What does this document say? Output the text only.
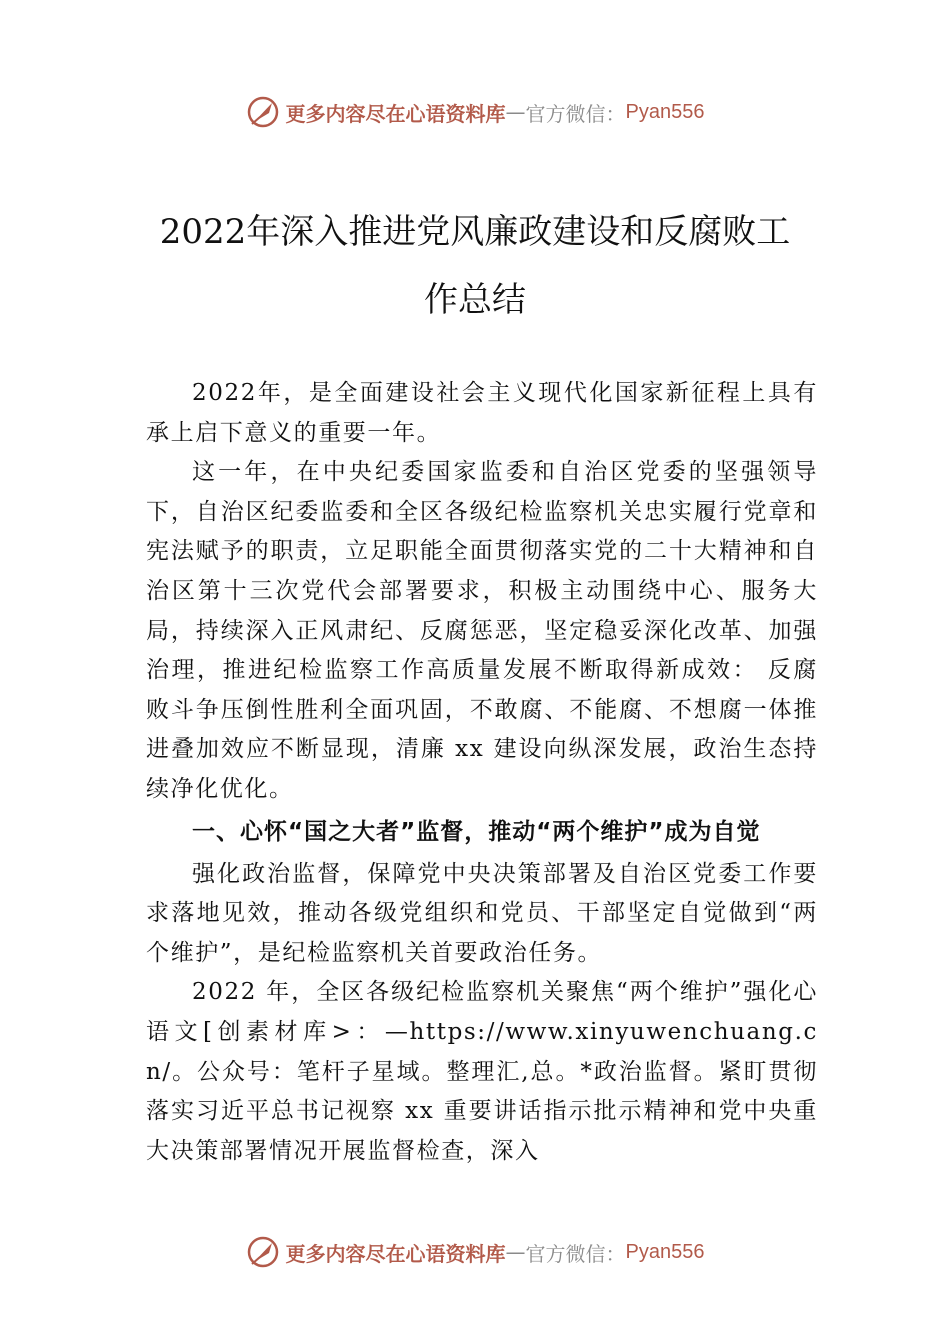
更多内容尽在心语资料库 — 官方微信： Pyan556
2022年深入推进党风廉政建设和反腐败工
作总结

2022年，是全面建设社会主义现代化国家新征程上具有承上启下意义的重要一年。

这一年，在中央纪委国家监委和自治区党委的坚强领导下，自治区纪委监委和全区各级纪检监察机关忠实履行党章和宪法赋予的职责，立足职能全面贯彻落实党的二十大精神和自治区第十三次党代会部署要求，积极主动围绕中心、服务大局，持续深入正风肃纪、反腐惩恶，坚定稳妥深化改革、加强治理，推进纪检监察工作高质量发展不断取得新成效： 反腐败斗争压倒性胜利全面巩固，不敢腐、不能腐、不想腐一体推进叠加效应不断显现，清廉 xx 建设向纵深发展，政治生态持续净化优化。

一、心怀“国之大者”监督，推动“两个维护”成为自觉

强化政治监督，保障党中央决策部署及自治区党委工作要求落地见效，推动各级党组织和党员、干部坚定自觉做到“两个维护”，是纪检监察机关首要政治任务。

2022 年，全区各级纪检监察机关聚焦“两个维护”强化心语文[创素材库>：—https://www.xinyuwenchuang.cn/。公众号：笔杆子星域。整理汇,总。*政治监督。紧盯贯彻落实习近平总书记视察 xx 重要讲话指示批示精神和党中央重大决策部署情况开展监督检查，深入

更多内容尽在心语资料库 — 官方微信： Pyan556
